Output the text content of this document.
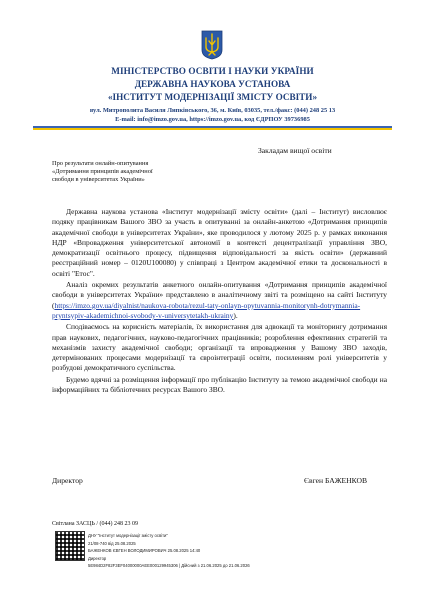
МІНІСТЕРСТВО ОСВІТИ І НАУКИ УКРАЇНИ
ДЕРЖАВНА НАУКОВА УСТАНОВА
«ІНСТИТУТ МОДЕРНІЗАЦІЇ ЗМІСТУ ОСВІТИ»
вул. Митрополита Василя Липківського, 36, м. Київ, 03035, тел./факс: (044) 248 25 13
E-mail: info@imzo.gov.ua, https://imzo.gov.ua, код ЄДРПОУ 39736985
Закладам вищої освіти
Про результати онлайн-опитування
«Дотримання принципів академічної
свободи в університетах України»

Державна наукова установа «Інститут модернізації змісту освіти» (далі – Інститут) висловлює подяку працівникам Вашого ЗВО за участь в опитуванні за онлайн-анкетою «Дотримання принципів академічної свободи в університетах України», яке проводилося у лютому 2025 р. у рамках виконання НДР «Впровадження університетської автономії в контексті децентралізації управління ЗВО, демократизації освітнього процесу, підвищення відповідальності за якість освіти» (державний реєстраційний номер – 0120U100080) у співпраці з Центром академічної етики та доскональності в освіті "Етос".

Аналіз окремих результатів анкетного онлайн-опитування «Дотримання принципів академічної свободи в університетах України» представлено в аналітичному звіті та розміщено на сайті Інституту (https://imzo.gov.ua/diyalnist/naukova-robota/rezul-taty-onlayn-opytuvannia-monitorynh-dotrymannia-pryntsypiv-akademichnoi-svobody-v-universytetakh-ukrainy).

Сподіваємось на корисність матеріалів, їх використання для адвокації та моніторингу дотримання прав наукових, педагогічних, науково-педагогічних працівників; розроблення ефективних стратегій та механізмів захисту академічної свободи; організації та впровадження у Вашому ЗВО заходів, детермінованих процесами модернізації та євроінтеграції освіти, посиленням ролі університетів у розбудові демократичного суспільства.

Будемо вдячні за розміщення інформації про публікацію Інституту за темою академічної свободи на інформаційних та бібліотечних ресурсах Вашого ЗВО.

Директор	Євген БАЖЕНКОВ
Світлана ЗАСЦЬ / (044) 248 23 09
ДНУ "Інститут модернізації змісту освіти"
21/08-740 від 25.08.2025
БАЖЕНКОВ ЄВГЕН ВОЛОДИМИРОВИЧ 25.08.2025 14:40
Директор
5E984D2F82F3EF04000000AEE000129945306 | Дійсний з 21.06.2025 до 21.06.2026
